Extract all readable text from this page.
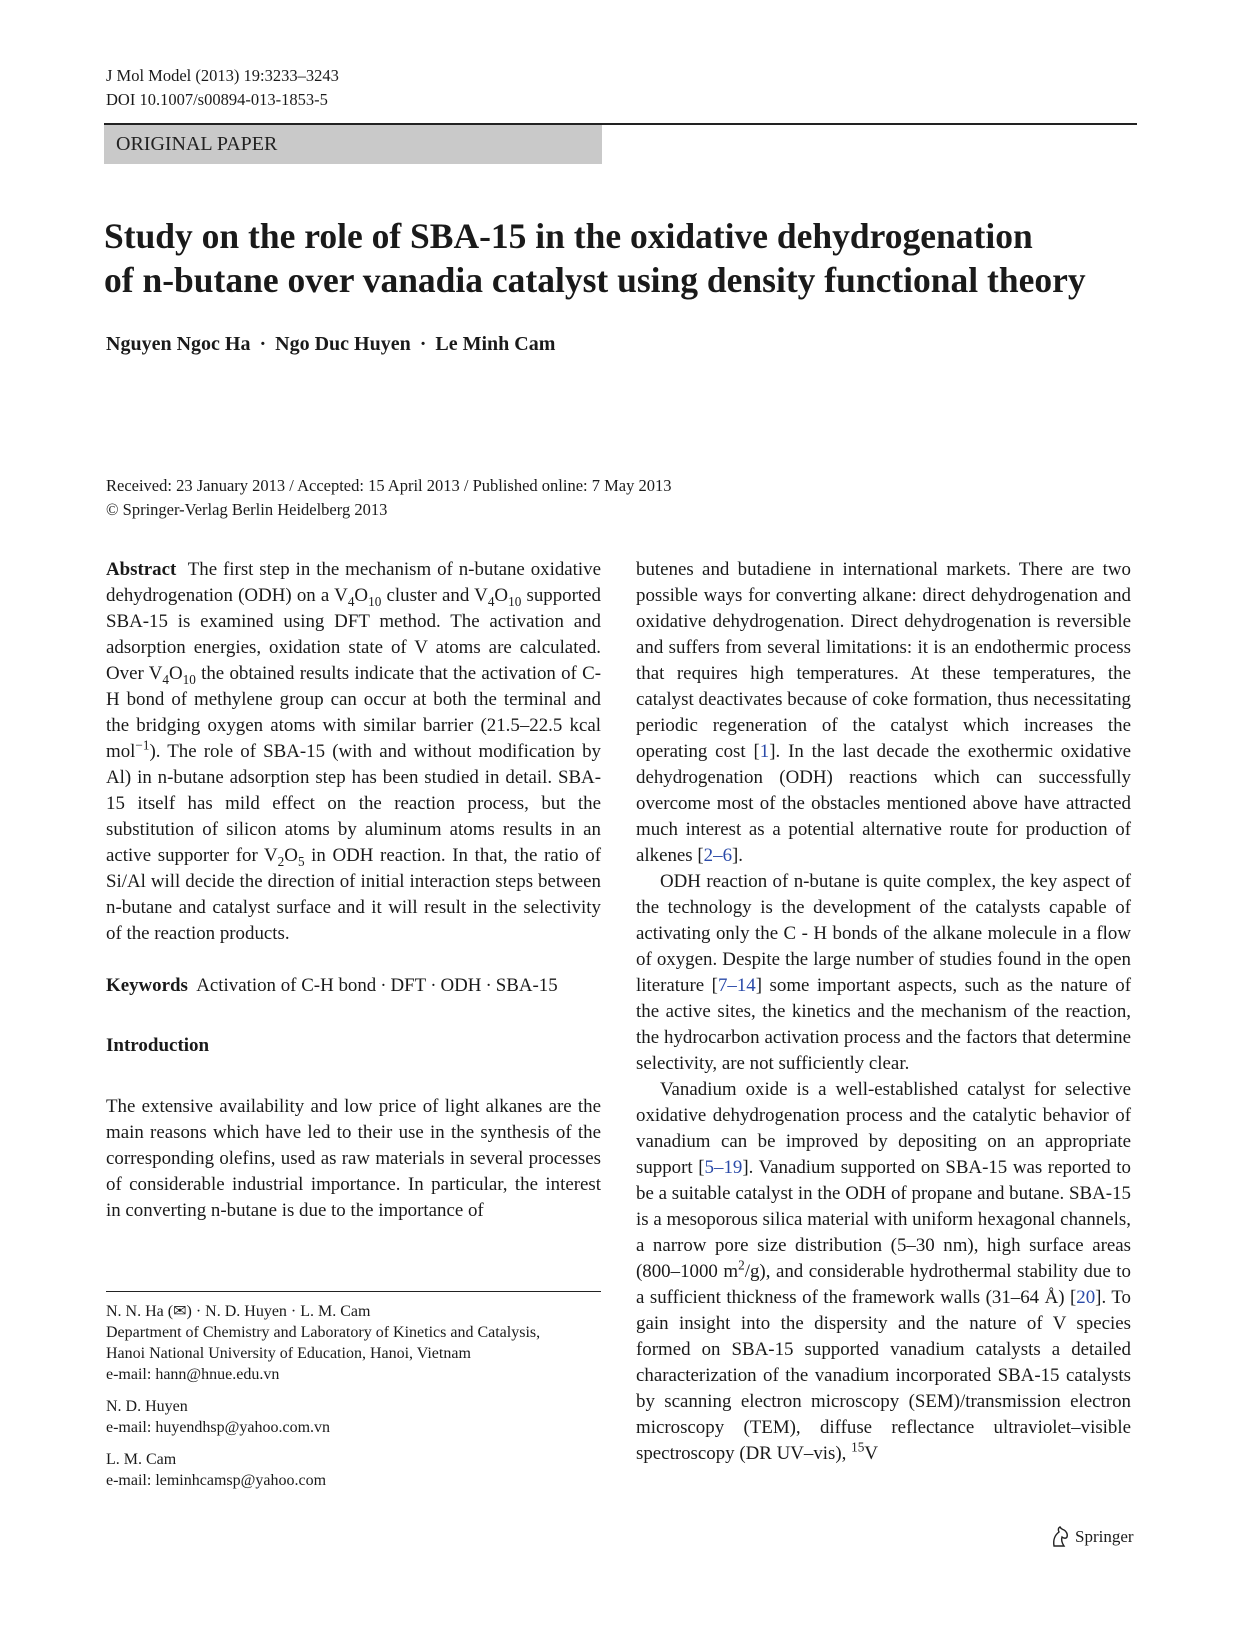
J Mol Model (2013) 19:3233–3243
DOI 10.1007/s00894-013-1853-5
ORIGINAL PAPER
Study on the role of SBA-15 in the oxidative dehydrogenation
of n-butane over vanadia catalyst using density functional theory
Nguyen Ngoc Ha · Ngo Duc Huyen · Le Minh Cam
Received: 23 January 2013 / Accepted: 15 April 2013 / Published online: 7 May 2013
© Springer-Verlag Berlin Heidelberg 2013

Abstract The first step in the mechanism of n-butane oxidative dehydrogenation (ODH) on a $V_4O_{10}$ cluster and $V_4O_{10}$ supported SBA-15 is examined using DFT method. The activation and adsorption energies, oxidation state of V atoms are calculated. Over $V_4O_{10}$ the obtained results indicate that the activation of C-H bond of methylene group can occur at both the terminal and the bridging oxygen atoms with similar barrier (21.5–22.5 kcal mol$^{-1}$). The role of SBA-15 (with and without modification by Al) in n-butane adsorption step has been studied in detail. SBA-15 itself has mild effect on the reaction process, but the substitution of silicon atoms by aluminum atoms results in an active supporter for $V_2O_5$ in ODH reaction. In that, the ratio of Si/Al will decide the direction of initial interaction steps between n-butane and catalyst surface and it will result in the selectivity of the reaction products.

Keywords Activation of C-H bond · DFT · ODH · SBA-15

Introduction

The extensive availability and low price of light alkanes are the main reasons which have led to their use in the synthesis of the corresponding olefins, used as raw materials in several processes of considerable industrial importance. In particular, the interest in converting n-butane is due to the importance of

N. N. Ha (✉) · N. D. Huyen · L. M. Cam

Department of Chemistry and Laboratory of Kinetics and Catalysis,

Hanoi National University of Education, Hanoi, Vietnam

e-mail: hann@hnue.edu.vn

N. D. Huyen

e-mail: huyendhsp@yahoo.com.vn

L. M. Cam

e-mail: leminhcamsp@yahoo.com

butenes and butadiene in international markets. There are two possible ways for converting alkane: direct dehydrogenation and oxidative dehydrogenation. Direct dehydrogenation is reversible and suffers from several limitations: it is an endothermic process that requires high temperatures. At these temperatures, the catalyst deactivates because of coke formation, thus necessitating periodic regeneration of the catalyst which increases the operating cost [1]. In the last decade the exothermic oxidative dehydrogenation (ODH) reactions which can successfully overcome most of the obstacles mentioned above have attracted much interest as a potential alternative route for production of alkenes [2–6].

ODH reaction of n-butane is quite complex, the key aspect of the technology is the development of the catalysts capable of activating only the C - H bonds of the alkane molecule in a flow of oxygen. Despite the large number of studies found in the open literature [7–14] some important aspects, such as the nature of the active sites, the kinetics and the mechanism of the reaction, the hydrocarbon activation process and the factors that determine selectivity, are not sufficiently clear.

Vanadium oxide is a well-established catalyst for selective oxidative dehydrogenation process and the catalytic behavior of vanadium can be improved by depositing on an appropriate support [5–19]. Vanadium supported on SBA-15 was reported to be a suitable catalyst in the ODH of propane and butane. SBA-15 is a mesoporous silica material with uniform hexagonal channels, a narrow pore size distribution (5–30 nm), high surface areas (800–1000 $m^2/g$), and considerable hydrothermal stability due to a sufficient thickness of the framework walls (31–64 Å) [20]. To gain insight into the dispersity and the nature of V species formed on SBA-15 supported vanadium catalysts a detailed characterization of the vanadium incorporated SBA-15 catalysts by scanning electron microscopy (SEM)/transmission electron microscopy (TEM), diffuse reflectance ultraviolet–visible spectroscopy (DR UV–vis), $^{15}$V

Springer
